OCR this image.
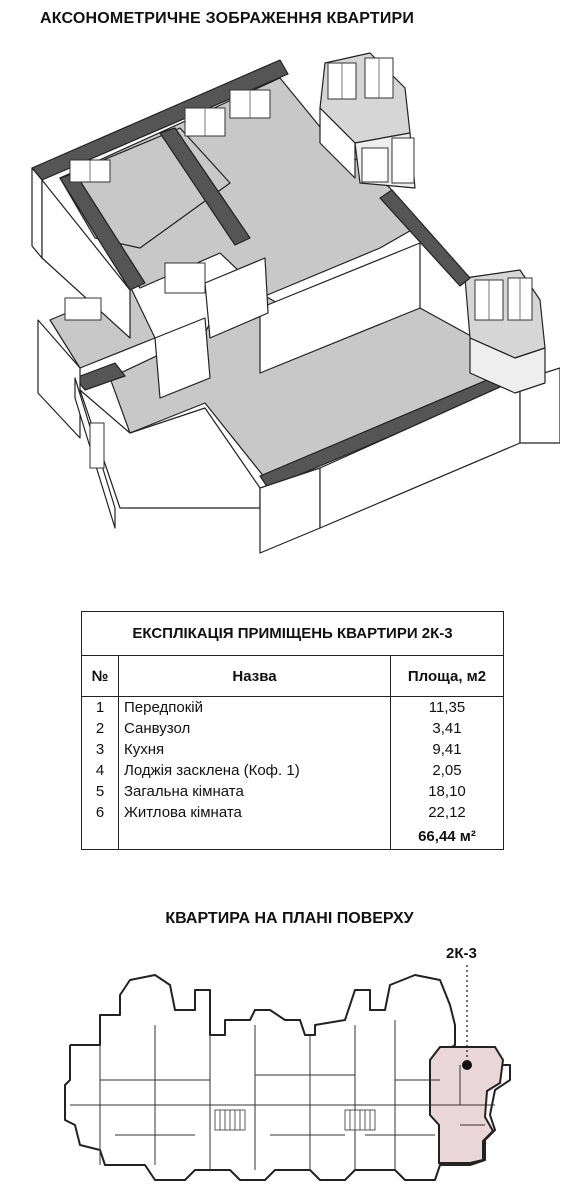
АКСОНОМЕТРИЧНЕ ЗОБРАЖЕННЯ КВАРТИРИ
ЕКСПЛІКАЦІЯ ПРИМІЩЕНЬ КВАРТИРИ 2К-3		
№	Назва	Площа, м2
1	Передпокій	11,35
2	Санвузол	3,41
3	Кухня	9,41
4	Лоджія засклена (Коф. 1)	2,05
5	Загальна кімната	18,10
6	Житлова кімната	22,12
		66,44 м²
КВАРТИРА НА ПЛАНІ ПОВЕРХУ
2К-3
